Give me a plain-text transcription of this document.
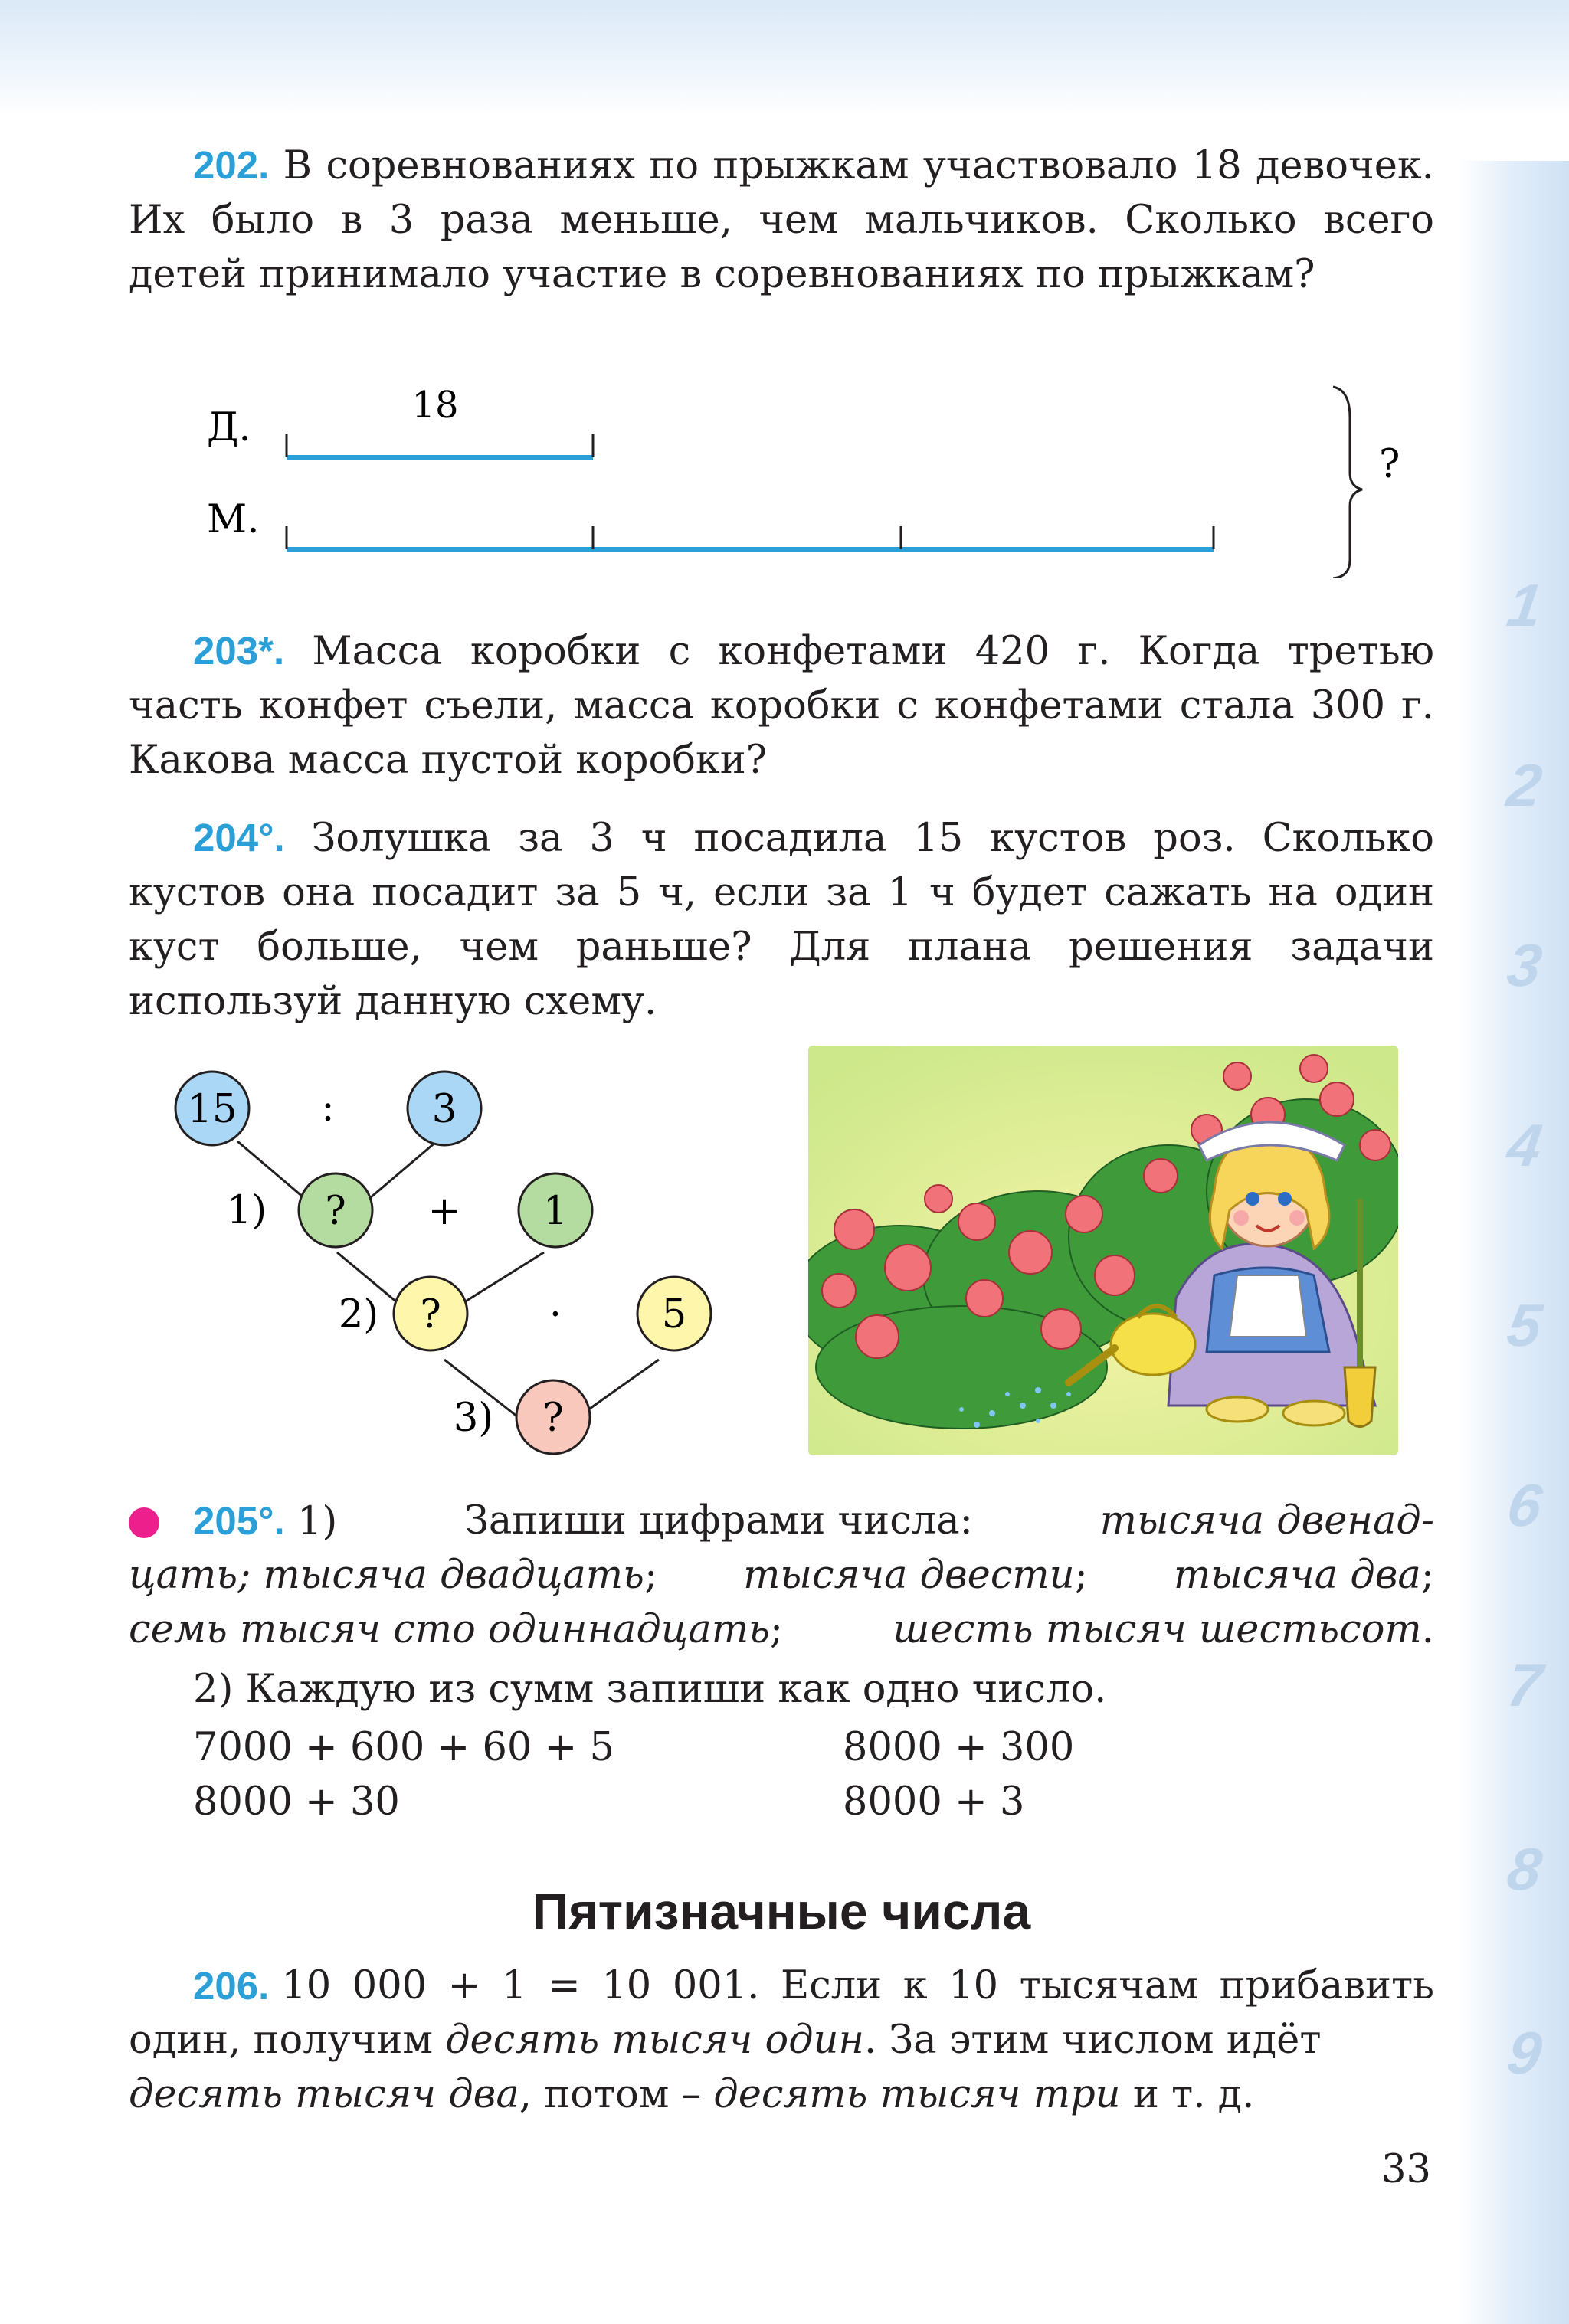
1
2
3
4
5
6
7
8
9

202. В соревнованиях по прыжкам участвовало 18 девочек. Их было в 3 раза меньше, чем мальчиков. Сколько всего детей принимало участие в соревнованиях по прыжкам?

Д.
М.
18
?

203*. Масса коробки с конфетами 420 г. Когда третью часть конфет съели, масса коробки с конфетами стала 300 г. Какова масса пустой коробки?

204°. Золушка за 3 ч посадила 15 кустов роз. Сколько кустов она посадит за 5 ч, если за 1 ч будет сажать на один куст больше, чем раньше? Для плана решения задачи используй данную схему.

15 : 3
1) ? + 1
2) ?	·	5
3) ?
205°. 1)	Запиши цифрами числа:	тысяча двенад-
цать; тысяча двадцать; тысяча двести; тысяча два;
семь тысяч сто одиннадцать;	шесть тысяч шестьсот.
2) Каждую из сумм запиши как одно число.
7000 + 600 + 60 + 5	8000 + 300
8000 + 30	8000 + 3
Пятизначные числа
206. 10 000 + 1 = 10 001. Если к 10 тысячам прибавить
один, получим десять тысяч один. За этим числом идёт
десять тысяч два, потом – десять тысяч три и т. д.
33
